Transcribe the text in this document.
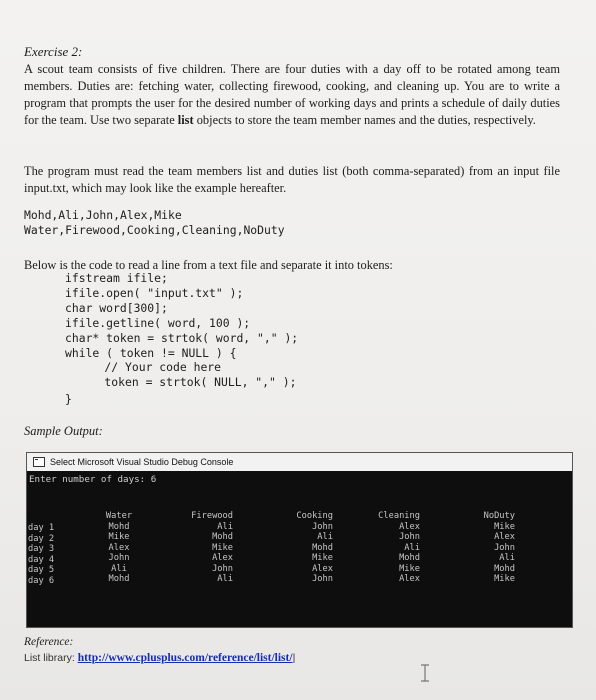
Exercise 2:
A scout team consists of five children. There are four duties with a day off to be rotated among team members. Duties are: fetching water, collecting firewood, cooking, and cleaning up. You are to write a program that prompts the user for the desired number of working days and prints a schedule of daily duties for the team. Use two separate list objects to store the team member names and the duties, respectively.
The program must read the team members list and duties list (both comma-separated) from an input file input.txt, which may look like the example hereafter.
Mohd,Ali,John,Alex,Mike
Water,Firewood,Cooking,Cleaning,NoDuty
Below is the code to read a line from a text file and separate it into tokens:
ifstream ifile;
ifile.open( "input.txt" );
char word[300];
ifile.getline( word, 100 );
char* token = strtok( word, "," );
while ( token != NULL ) {
// Your code here
token = strtok( NULL, "," );
}
Sample Output:
Select Microsoft Visual Studio Debug Console
Enter number of days: 6
day 1
day 2
day 3
day 4
day 5
day 6
Water
Mohd
Mike
Alex
John
Ali
Mohd
Firewood
Ali
Mohd
Mike
Alex
John
Ali
Cooking
John
Ali
Mohd
Mike
Alex
John
Cleaning
Alex
John
Ali
Mohd
Mike
Alex
NoDuty
Mike
Alex
John
Ali
Mohd
Mike
Reference:
List library: http://www.cplusplus.com/reference/list/list/|
